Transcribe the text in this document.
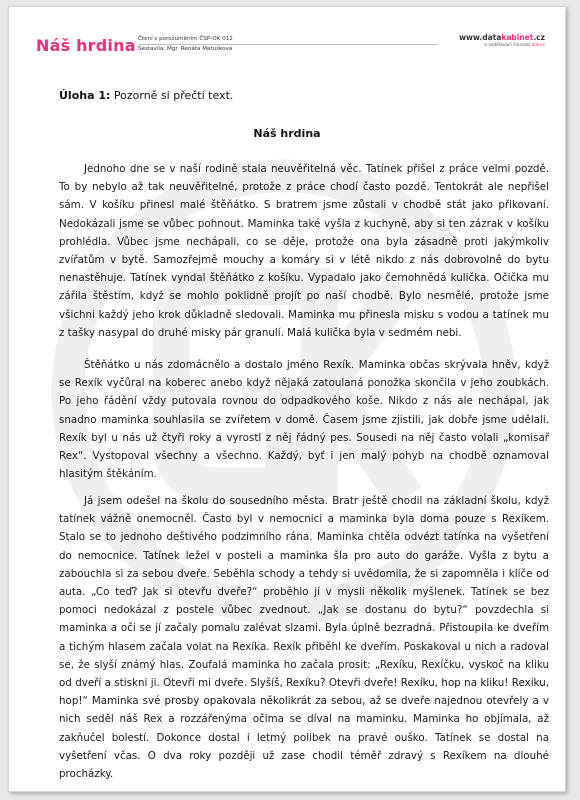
Náš hrdina Čtení s porozuměním ČSP-OK 012
Sestavila: Mgr. Renáta Matušková
www.datakabinet.cz
o vzdělávací činnosti online
Úloha 1: Pozorně si přečtí text.
Náš hrdina

Jednoho dne se v naší rodině stala neuvěřitelná věc. Tatínek přišel z práce velmi pozdě. To by nebylo až tak neuvěřitelné, protože z práce chodí často pozdě. Tentokrát ale nepřišel sám. V košíku přinesl malé štěňátko. S bratrem jsme zůstali v chodbě stát jako přikovaní. Nedokázali jsme se vůbec pohnout. Maminka také vyšla z kuchyně, aby si ten zázrak v košíku prohlédla. Vůbec jsme nechápali, co se děje, protože ona byla zásadně proti jakýmkoliv zvířatům v bytě. Samozřejmě mouchy a komáry si v létě nikdo z nás dobrovolně do bytu nenastěhuje. Tatínek vyndal štěňátko z košíku. Vypadalo jako černohnědá kulička. Očička mu zářila štěstím, když se mohlo poklidně projít po naší chodbě. Bylo nesmělé, protože jsme všichni každý jeho krok důkladně sledovali. Maminka mu přinesla misku s vodou a tatínek mu z tašky nasypal do druhé misky pár granulí. Malá kulička byla v sedmém nebi.

Štěňátko u nás zdomácnělo a dostalo jméno Rexík. Maminka občas skrývala hněv, když se Rexík vyčůral na koberec anebo když nějaká zatoulaná ponožka skončila v jeho zoubkách. Po jeho řádění vždy putovala rovnou do odpadkového koše. Nikdo z nás ale nechápal, jak snadno maminka souhlasila se zvířetem v domě. Časem jsme zjistili, jak dobře jsme udělali. Rexík byl u nás už čtyři roky a vyrostl z něj řádný pes. Sousedi na něj často volali „komisař Rex“. Vystopoval všechny a všechno. Každý, byť i jen malý pohyb na chodbě oznamoval hlasitým štěkáním.

Já jsem odešel na školu do sousedního města. Bratr ještě chodil na základní školu, když tatínek vážně onemocněl. Často byl v nemocnici a maminka byla doma pouze s Rexíkem. Stalo se to jednoho deštivého podzimního rána. Maminka chtěla odvézt tatínka na vyšetření do nemocnice. Tatínek ležel v posteli a maminka šla pro auto do garáže. Vyšla z bytu a zabouchla si za sebou dveře. Seběhla schody a tehdy si uvědomila, že si zapomněla i klíče od auta. „Co teď? Jak si otevřu dveře?“ proběhlo jí v mysli několik myšlenek. Tatínek se bez pomoci nedokázal z postele vůbec zvednout. „Jak se dostanu do bytu?“ povzdechla si maminka a oči se jí začaly pomalu zalévat slzami. Byla úplně bezradná. Přistoupila ke dveřím a tichým hlasem začala volat na Rexíka. Rexík přiběhl ke dveřím. Poskakoval u nich a radoval se, že slyší známý hlas. Zoufalá maminka ho začala prosit: „Rexíku, Rexíčku, vyskoč na kliku od dveří a stiskni ji. Otevři mi dveře. Slyšíš, Rexíku? Otevři dveře! Rexíku, hop na kliku! Rexíku, hop!“ Maminka své prosby opakovala několikrát za sebou, až se dveře najednou otevřely a v nich seděl náš Rex a rozzářenýma očima se díval na maminku. Maminka ho objímala, až zakňučel bolestí. Dokonce dostal i letmý polibek na pravé ouško. Tatínek se dostal na vyšetření včas. O dva roky později už zase chodil téměř zdravý s Rexíkem na dlouhé procházky.
